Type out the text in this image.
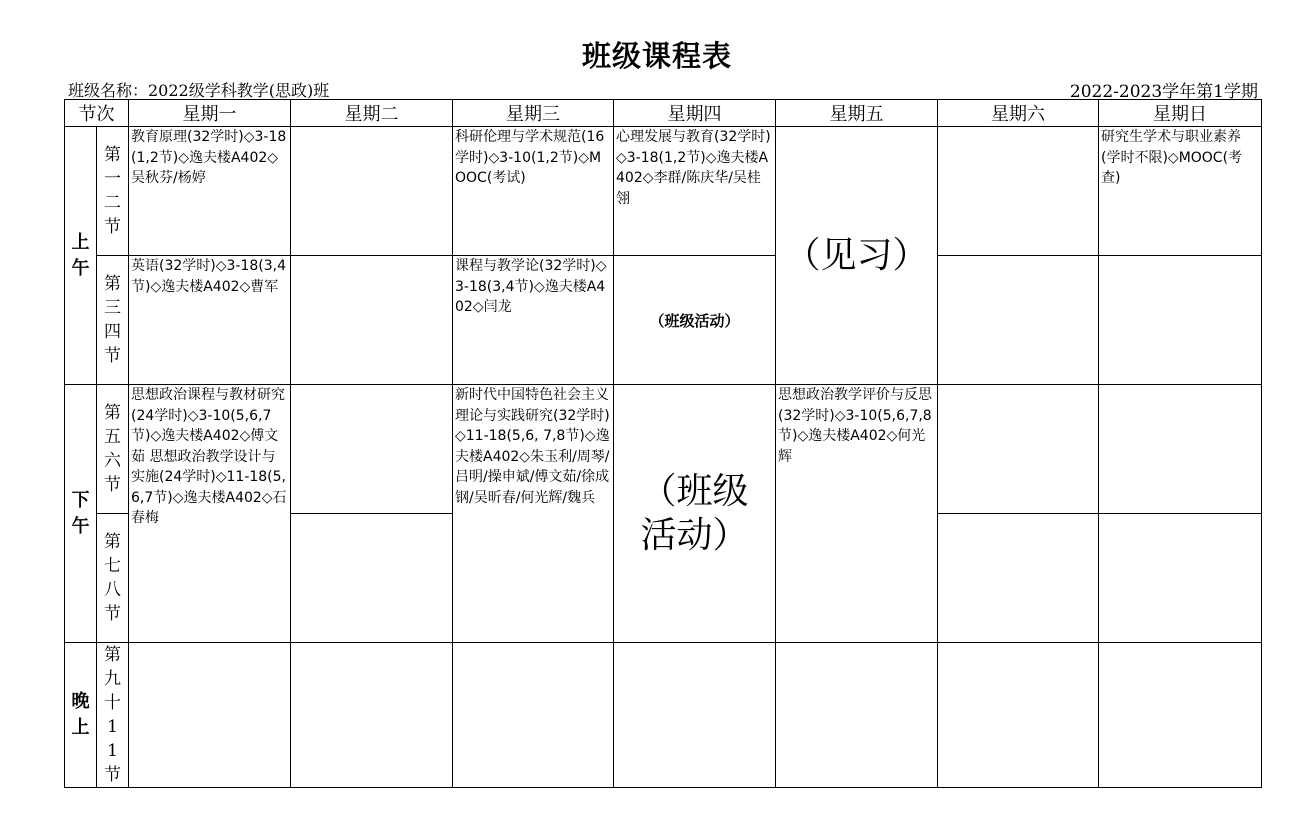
班级课程表
班级名称：2022级学科教学(思政)班	2022-2023学年第1学期
节次		星期一	星期二	星期三	星期四	星期五	星期六	星期日
上午	第一二节	教育原理(32学时)◇3-18(1,2节)◇逸夫楼A402◇吴秋芬/杨婷		科研伦理与学术规范(16学时)◇3-10(1,2节)◇MOOC(考试)	心理发展与教育(32学时)◇3-18(1,2节)◇逸夫楼A402◇李群/陈庆华/吴桂翎	（见习）		研究生学术与职业素养(学时不限)◇MOOC(考查)
	第三四节	英语(32学时)◇3-18(3,4节)◇逸夫楼A402◇曹军		课程与教学论(32学时)◇3-18(3,4节)◇逸夫楼A402◇闫龙	（班级活动）			
下午	第五六节	思想政治课程与教材研究(24学时)◇3-10(5,6,7节)◇逸夫楼A402◇傅文茹 思想政治教学设计与实施(24学时)◇11-18(5,6,7节)◇逸夫楼A402◇石春梅		新时代中国特色社会主义理论与实践研究(32学时)◇11-18(5,6, 7,8节)◇逸夫楼A402◇朱玉利/周琴/吕明/操申斌/傅文茹/徐成钢/吴昕春/何光辉/魏兵	（班级活动）	思想政治教学评价与反思(32学时)◇3-10(5,6,7,8节)◇逸夫楼A402◇何光辉		
	第七八节							
晚上	第九十11节							
